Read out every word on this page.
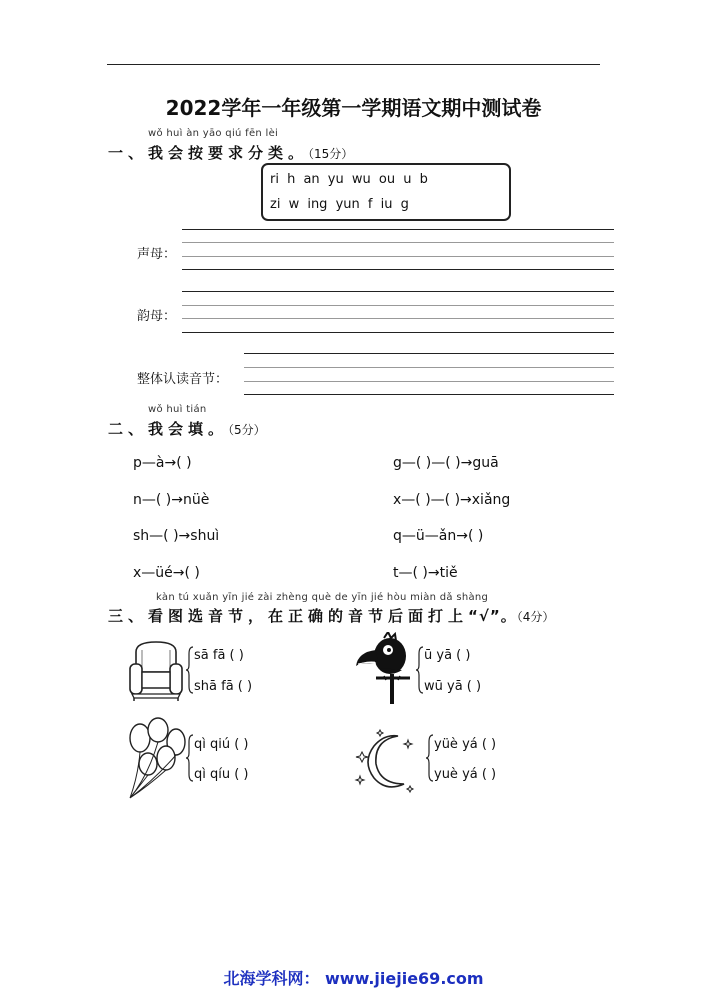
2022学年一年级第一学期语文期中测试卷
wǒ huì àn yāo qiú fēn lèi
一、我会按要求分类。（15分）
ri h an yu wu ou u b
zi w ing yun f iu g
声母：
韵母：
整体认读音节：
wǒ huì tián
二、我会填。（5分）
p—à→( )	g—( )—( )→guā
n—( )→nüè	x—( )—( )→xiǎng
sh—( )→shuì	q—ü—ǎn→( )
x—üé→( )	t—( )→tiě
kàn tú xuǎn yīn jié zài zhèng què de yīn jié hòu miàn dǎ shàng
三、看图选音节，在正确的音节后面打上“√”。（4分）
sā fā ( )
shā fā ( )
ū yā ( )
wū yā ( )
qì qiú ( )
qì qíu ( )
yüè yá ( )
yuè yá ( )
北海学科网： www.jiejie69.com
